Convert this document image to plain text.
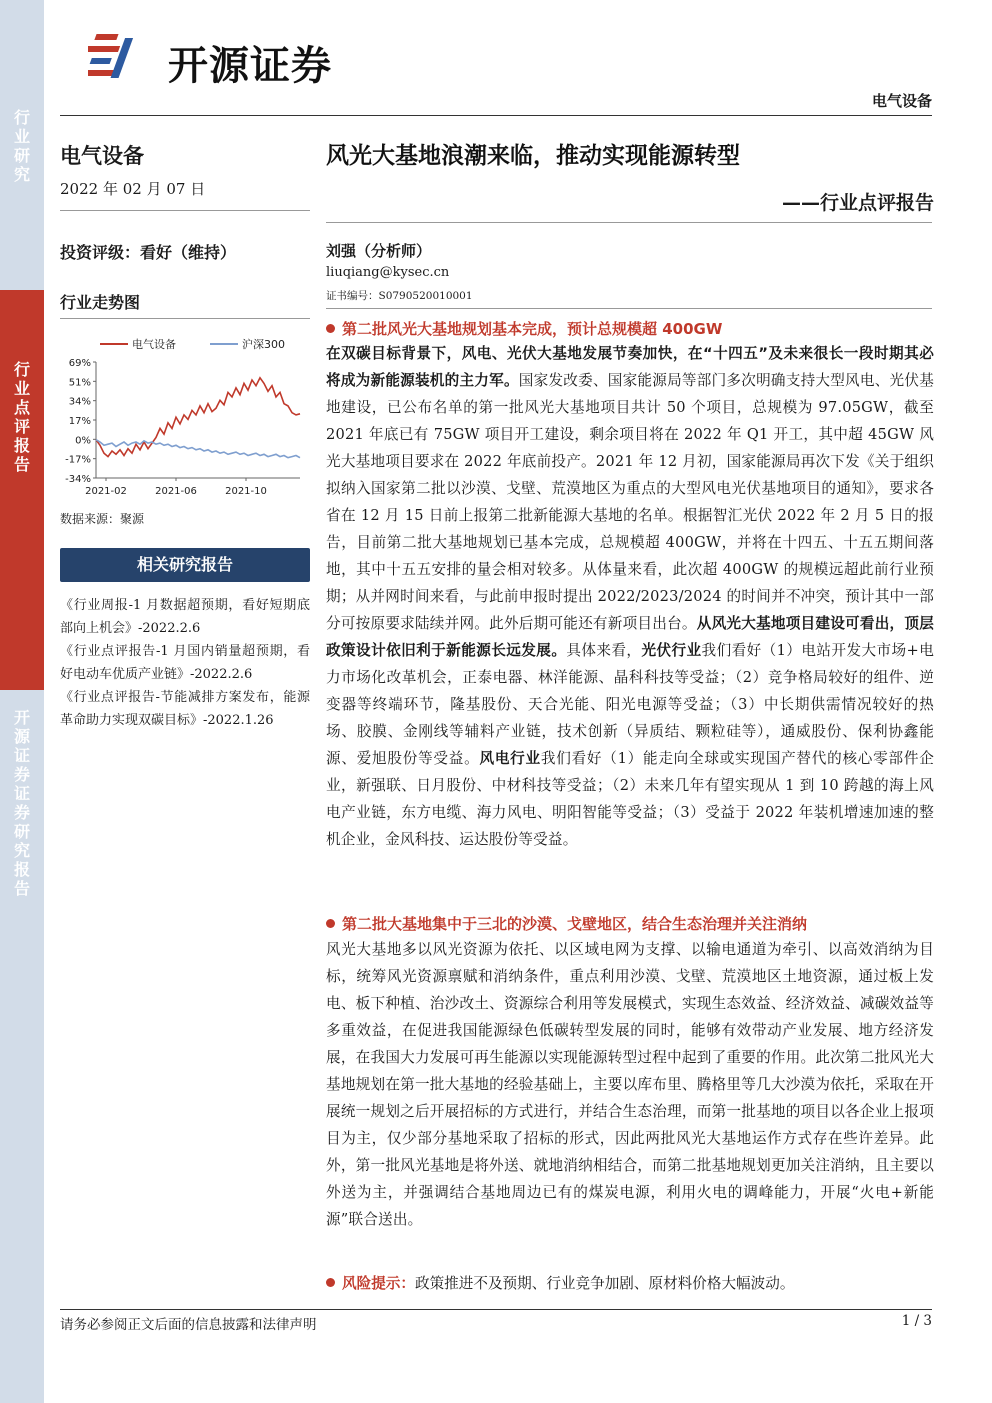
行业研究
行业点评报告
开源证券 证券研究报告
开源证券
电气设备
电气设备
2022 年 02 月 07 日
投资评级：看好（维持）
行业走势图
电气设备	沪深300
69%
51%
34%
17%
0%
-17%
-34%
2021-02	2021-06	2021-10
数据来源：聚源
相关研究报告
《行业周报-1 月数据超预期，看好短期底部向上机会》-2022.2.6
《行业点评报告-1 月国内销量超预期，看好电动车优质产业链》-2022.2.6
《行业点评报告-节能减排方案发布，能源革命助力实现双碳目标》-2022.1.26
风光大基地浪潮来临，推动实现能源转型
——行业点评报告
刘强（分析师）
liuqiang@kysec.cn
证书编号：S0790520010001
第二批风光大基地规划基本完成，预计总规模超 400GW
在双碳目标背景下，风电、光伏大基地发展节奏加快，在“十四五”及未来很长一段时期其必将成为新能源装机的主力军。国家发改委、国家能源局等部门多次明确支持大型风电、光伏基地建设，已公布名单的第一批风光大基地项目共计 50 个项目，总规模为 97.05GW，截至 2021 年底已有 75GW 项目开工建设，剩余项目将在 2022 年 Q1 开工，其中超 45GW 风光大基地项目要求在 2022 年底前投产。2021 年 12 月初，国家能源局再次下发《关于组织拟纳入国家第二批以沙漠、戈壁、荒漠地区为重点的大型风电光伏基地项目的通知》，要求各省在 12 月 15 日前上报第二批新能源大基地的名单。根据智汇光伏 2022 年 2 月 5 日的报告，目前第二批大基地规划已基本完成，总规模超 400GW，并将在十四五、十五五期间落地，其中十五五安排的量会相对较多。从体量来看，此次超 400GW 的规模远超此前行业预期；从并网时间来看，与此前申报时提出 2022/2023/2024 的时间并不冲突，预计其中一部分可按原要求陆续并网。此外后期可能还有新项目出台。从风光大基地项目建设可看出，顶层政策设计依旧利于新能源长远发展。具体来看，光伏行业我们看好（1）电站开发大市场+电力市场化改革机会，正泰电器、林洋能源、晶科科技等受益；（2）竞争格局较好的组件、逆变器等终端环节，隆基股份、天合光能、阳光电源等受益；（3）中长期供需情况较好的热场、胶膜、金刚线等辅料产业链，技术创新（异质结、颗粒硅等），通威股份、保利协鑫能源、爱旭股份等受益。风电行业我们看好（1）能走向全球或实现国产替代的核心零部件企业，新强联、日月股份、中材科技等受益；（2）未来几年有望实现从 1 到 10 跨越的海上风电产业链，东方电缆、海力风电、明阳智能等受益；（3）受益于 2022 年装机增速加速的整机企业，金风科技、运达股份等受益。
第二批大基地集中于三北的沙漠、戈壁地区，结合生态治理并关注消纳
风光大基地多以风光资源为依托、以区域电网为支撑、以输电通道为牵引、以高效消纳为目标，统筹风光资源禀赋和消纳条件，重点利用沙漠、戈壁、荒漠地区土地资源，通过板上发电、板下种植、治沙改土、资源综合利用等发展模式，实现生态效益、经济效益、减碳效益等多重效益，在促进我国能源绿色低碳转型发展的同时，能够有效带动产业发展、地方经济发展，在我国大力发展可再生能源以实现能源转型过程中起到了重要的作用。此次第二批风光大基地规划在第一批大基地的经验基础上，主要以库布里、腾格里等几大沙漠为依托，采取在开展统一规划之后开展招标的方式进行，并结合生态治理，而第一批基地的项目以各企业上报项目为主，仅少部分基地采取了招标的形式，因此两批风光大基地运作方式存在些许差异。此外，第一批风光基地是将外送、就地消纳相结合，而第二批基地规划更加关注消纳，且主要以外送为主，并强调结合基地周边已有的煤炭电源，利用火电的调峰能力，开展“火电+新能源”联合送出。
风险提示： 政策推进不及预期、行业竞争加剧、原材料价格大幅波动。
请务必参阅正文后面的信息披露和法律声明	1 / 3
